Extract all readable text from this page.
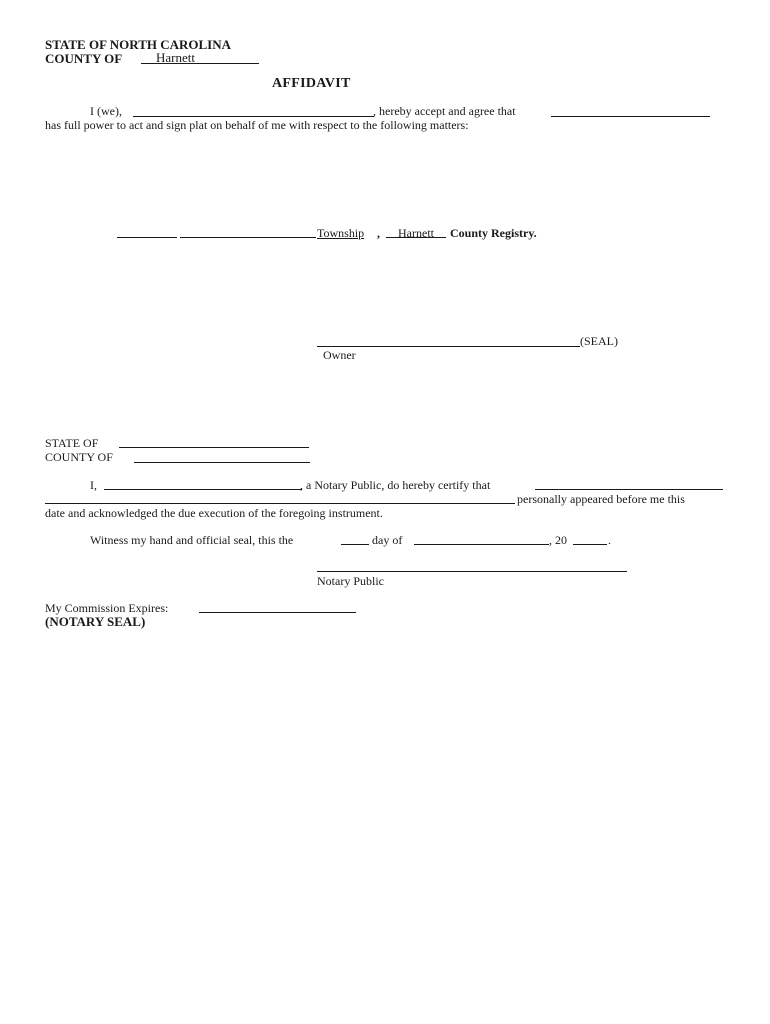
STATE OF NORTH CAROLINA
COUNTY OF	Harnett
AFFIDAVIT
I (we),	, hereby accept and agree that
has full power to act and sign plat on behalf of me with respect to the following matters:
Township , Harnett County Registry.
(SEAL)
Owner
STATE OF
COUNTY OF
I,	, a Notary Public, do hereby certify that
personally appeared before me this
date and acknowledged the due execution of the foregoing instrument.
Witness my hand and official seal, this the	day of	, 20	.
Notary Public
My Commission Expires:
(NOTARY SEAL)
